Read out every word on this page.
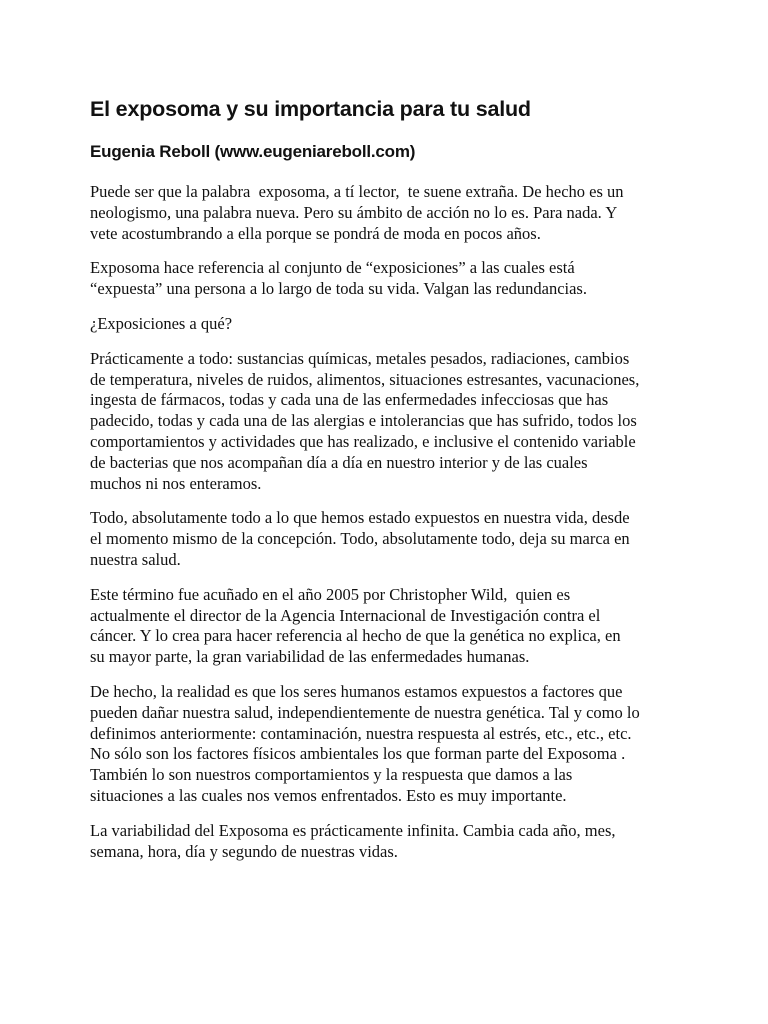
El exposoma y su importancia para tu salud
Eugenia Reboll (www.eugeniareboll.com)

Puede ser que la palabra  exposoma, a tí lector,  te suene extraña. De hecho es un
neologismo, una palabra nueva. Pero su ámbito de acción no lo es. Para nada. Y
vete acostumbrando a ella porque se pondrá de moda en pocos años.

Exposoma hace referencia al conjunto de “exposiciones” a las cuales está
“expuesta” una persona a lo largo de toda su vida. Valgan las redundancias.

¿Exposiciones a qué?

Prácticamente a todo: sustancias químicas, metales pesados, radiaciones, cambios
de temperatura, niveles de ruidos, alimentos, situaciones estresantes, vacunaciones,
ingesta de fármacos, todas y cada una de las enfermedades infecciosas que has
padecido, todas y cada una de las alergias e intolerancias que has sufrido, todos los
comportamientos y actividades que has realizado, e inclusive el contenido variable
de bacterias que nos acompañan día a día en nuestro interior y de las cuales
muchos ni nos enteramos.

Todo, absolutamente todo a lo que hemos estado expuestos en nuestra vida, desde
el momento mismo de la concepción. Todo, absolutamente todo, deja su marca en
nuestra salud.

Este término fue acuñado en el año 2005 por Christopher Wild,  quien es
actualmente el director de la Agencia Internacional de Investigación contra el
cáncer. Y lo crea para hacer referencia al hecho de que la genética no explica, en
su mayor parte, la gran variabilidad de las enfermedades humanas.

De hecho, la realidad es que los seres humanos estamos expuestos a factores que
pueden dañar nuestra salud, independientemente de nuestra genética. Tal y como lo
definimos anteriormente: contaminación, nuestra respuesta al estrés, etc., etc., etc.
No sólo son los factores físicos ambientales los que forman parte del Exposoma .
También lo son nuestros comportamientos y la respuesta que damos a las
situaciones a las cuales nos vemos enfrentados. Esto es muy importante.

La variabilidad del Exposoma es prácticamente infinita. Cambia cada año, mes,
semana, hora, día y segundo de nuestras vidas.
